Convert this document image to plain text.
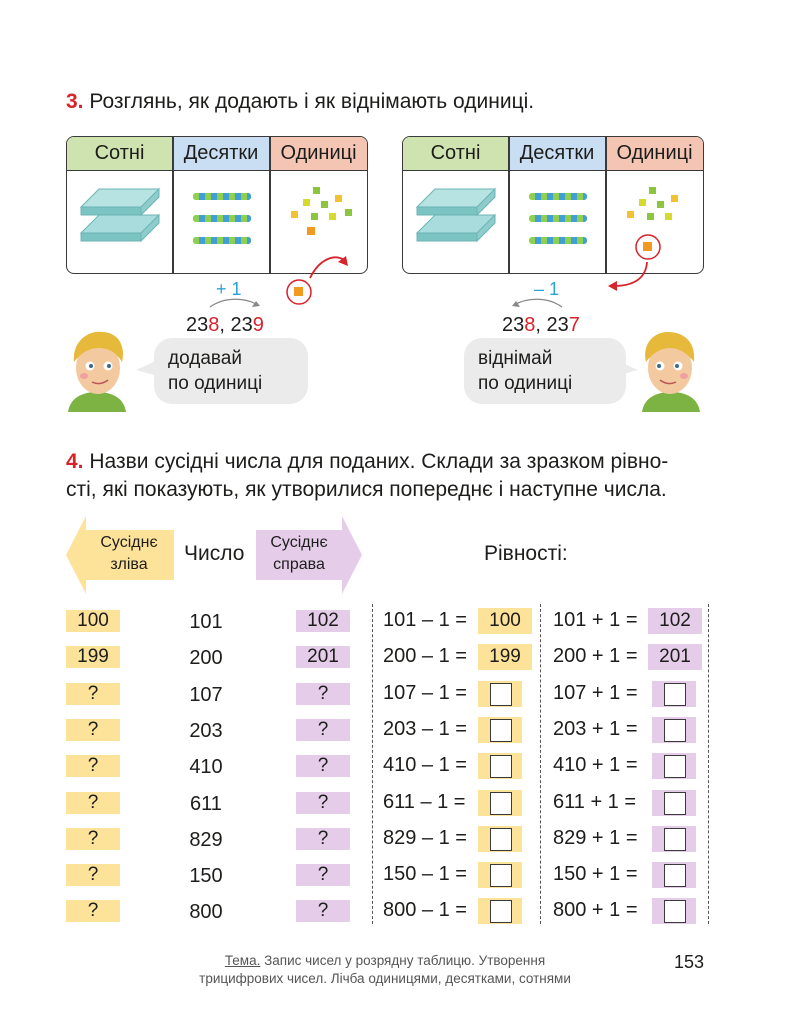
3. Розглянь, як додають і як віднімають одиниці.
Сотні	Десятки	Одиниці
+ 1
238, 239
додавай
по одиниці
Сотні	Десятки	Одиниці
– 1
238, 237
віднімай
по одиниці
4. Назви сусідні числа для поданих. Склади за зразком рівно-
сті, які показують, як утворилися попереднє і наступне числа.
Сусіднє
зліва	Число	Сусіднє
справа	Рівності:
100	101	102	101 – 1 =	100	101 + 1 =	102
199	200	201	200 – 1 =	199	200 + 1 =	201
?	107	?	107 – 1 =	107 + 1 =
?	203	?	203 – 1 =	203 + 1 =
?	410	?	410 – 1 =	410 + 1 =
?	611	?	611 – 1 =	611 + 1 =
?	829	?	829 – 1 =	829 + 1 =
?	150	?	150 – 1 =	150 + 1 =
?	800	?	800 – 1 =	800 + 1 =
Тема. Запис чисел у розрядну таблицю. Утворення
трицифрових чисел. Лічба одиницями, десятками, сотнями
153
